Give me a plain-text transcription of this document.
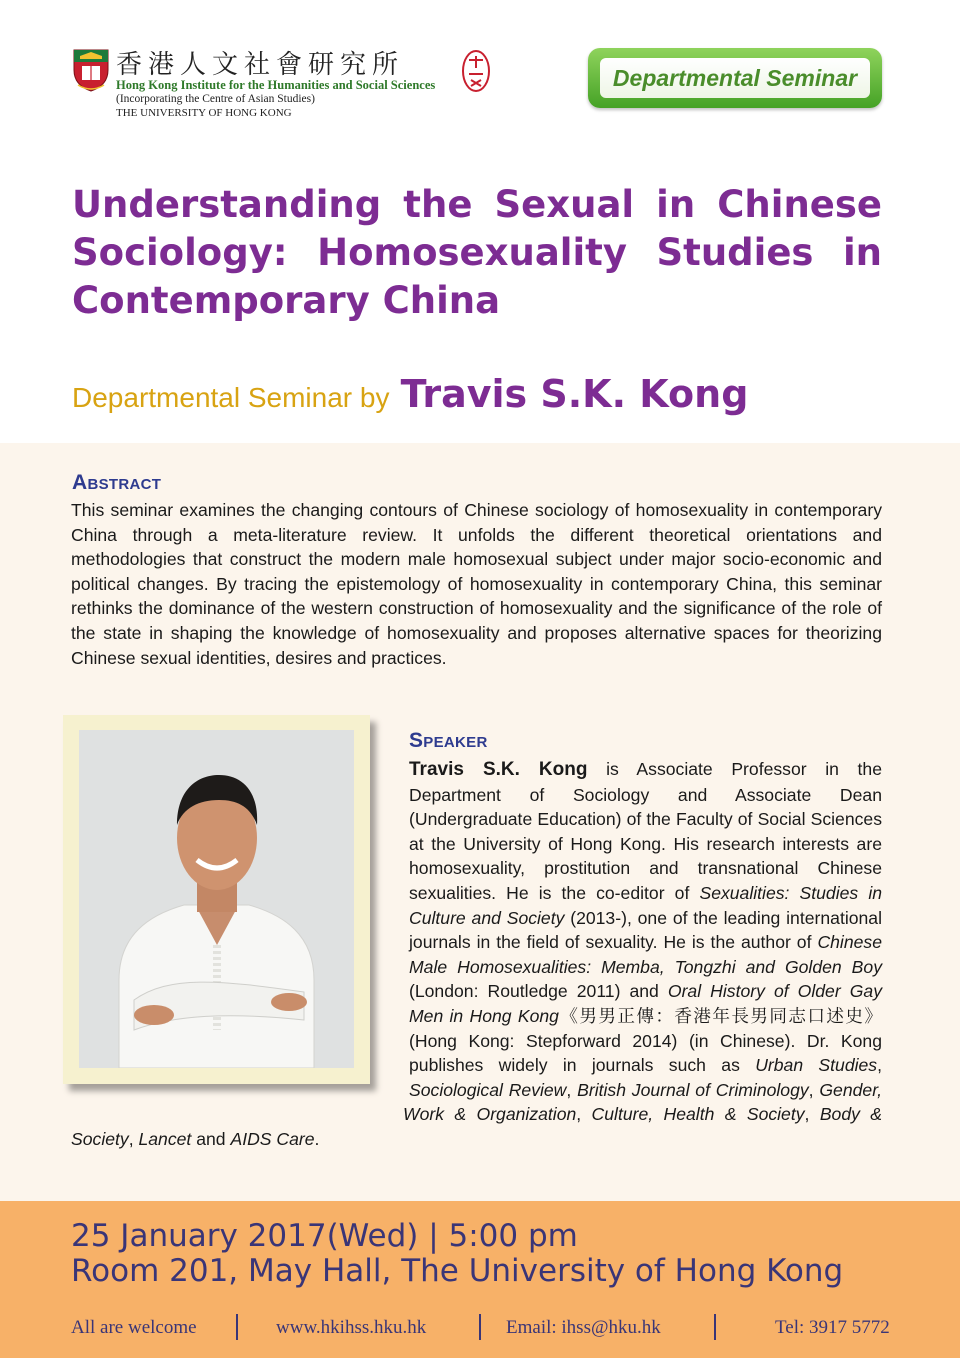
香港人文社會研究所
Hong Kong Institute for the Humanities and Social Sciences
(Incorporating the Centre of Asian Studies)
THE UNIVERSITY OF HONG KONG
Departmental Seminar
Understanding the Sexual in Chinese Sociology: Homosexuality Studies in Contemporary China
Departmental Seminar by Travis S.K. Kong
Abstract

This seminar examines the changing contours of Chinese sociology of homosexuality in contemporary China through a meta-literature review. It unfolds the different theoretical orientations and methodologies that construct the modern male homosexual subject under major socio-economic and political changes. By tracing the epistemology of homosexuality in contemporary China, this seminar rethinks the dominance of the western construction of homosexuality and the significance of the role of the state in shaping the knowledge of homosexuality and proposes alternative spaces for theorizing Chinese sexual identities, desires and practices.

Speaker

Travis S.K. Kong is Associate Professor in the Department of Sociology and Associate Dean (Undergraduate Education) of the Faculty of Social Sciences at the University of Hong Kong. His research interests are homosexuality, prostitution and transnational Chinese sexualities. He is the co-editor of Sexualities: Studies in Culture and Society (2013-), one of the leading international journals in the field of sexuality. He is the author of Chinese Male Homosexualities: Memba, Tongzhi and Golden Boy (London: Routledge 2011) and Oral History of Older Gay Men in Hong Kong《男男正傳：香港年長男同志口述史》(Hong Kong: Stepforward 2014) (in Chinese). Dr. Kong publishes widely in journals such as Urban Studies, Sociological Review, British Journal of Criminology, Gender, Work & Organization, Culture, Health & Society, Body & Society, Lancet and AIDS Care.

25 January 2017(Wed) | 5:00 pm
Room 201, May Hall, The University of Hong Kong
All are welcome	www.hkihss.hku.hk	Email: ihss@hku.hk	Tel: 3917 5772
